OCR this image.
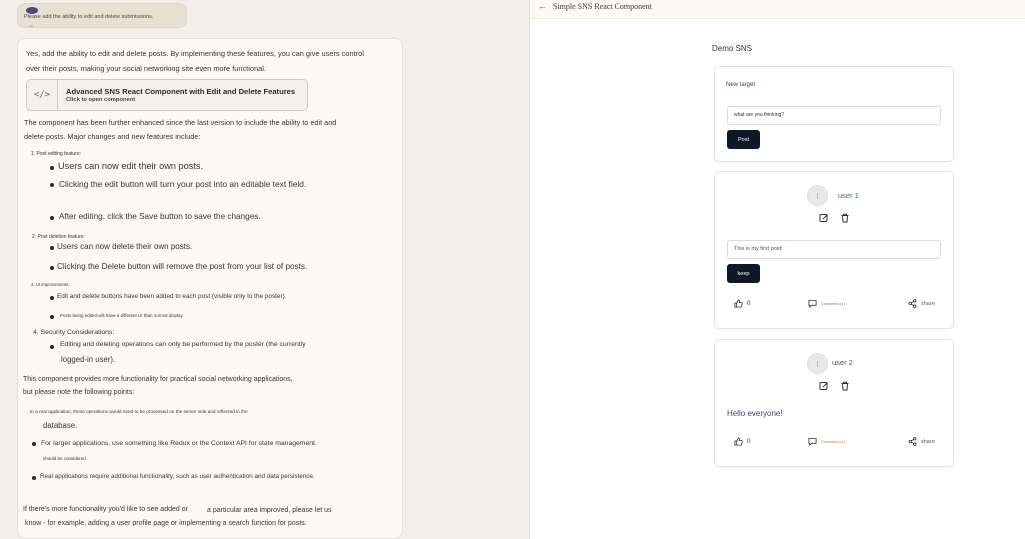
Please add the ability to edit and delete submissions.
▭
Yes, add the ability to edit and delete posts. By implementing these features, you can give users control over their posts, making your social networking site even more functional.
</>	Advanced SNS React Component with Edit and Delete Features
Click to open component
The component has been further enhanced since the last version to include the ability to edit and
delete posts. Major changes and new features include:
1. Post editing feature:
Users can now edit their own posts.
Clicking the edit button will turn your post into an editable text field.
After editing, click the Save button to save the changes.
2. Post deletion feature:
Users can now delete their own posts.
Clicking the Delete button will remove the post from your list of posts.
3. UI improvements:
Edit and delete buttons have been added to each post (visible only to the poster).
Posts being edited will have a different UI than normal display.
4. Security Considerations:
Editing and deleting operations can only be performed by the poster (the currently
logged-in user).
This component provides more functionality for practical social networking applications,
but please note the following points:
In a real application, these operations would need to be processed on the server side and reflected in the
database.
For larger applications, use something like Redux or the Context API for state management.
should be considered.
Real applications require additional functionality, such as user authentication and data persistence.
If there's more functionality you'd like to see added or	a particular area improved, please let us
know - for example, adding a user profile page or implementing a search function for posts.
← Simple SNS React Component
Demo SNS
New target
what are you thinking?
Post
user 1
This is my first post!
keep
0	Comments (1)	share
user 2
Hello everyone!
0	Comments (1)	share
